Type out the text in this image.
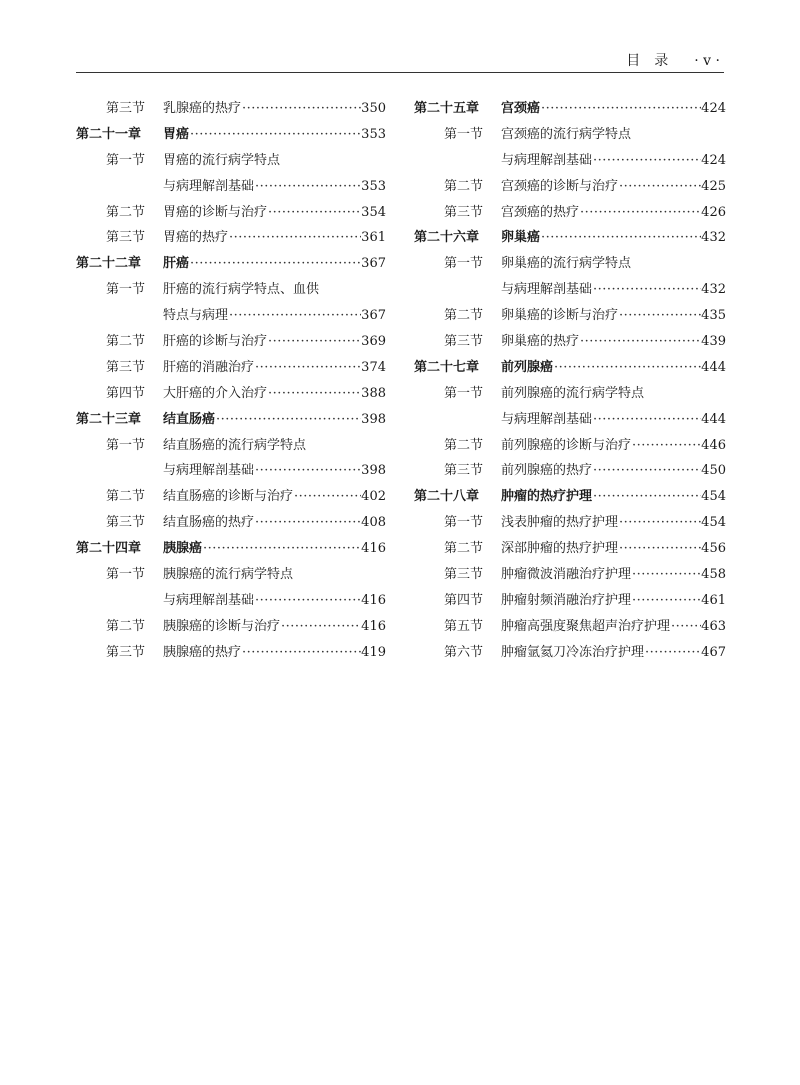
目　录 · v ·
第三节 乳腺癌的热疗 ·····	350
第二十一章 胃癌 ·····	353
第一节 胃癌的流行病学特点
与病理解剖基础 ·····	353
第二节 胃癌的诊断与治疗 ·····	354
第三节 胃癌的热疗 ·····	361
第二十二章 肝癌 ·····	367
第一节 肝癌的流行病学特点、血供
特点与病理 ·····	367
第二节 肝癌的诊断与治疗 ·····	369
第三节 肝癌的消融治疗 ·····	374
第四节 大肝癌的介入治疗 ·····	388
第二十三章 结直肠癌 ·····	398
第一节 结直肠癌的流行病学特点
与病理解剖基础 ·····	398
第二节 结直肠癌的诊断与治疗 ·····	402
第三节 结直肠癌的热疗 ·····	408
第二十四章 胰腺癌 ·····	416
第一节 胰腺癌的流行病学特点
与病理解剖基础 ·····	416
第二节 胰腺癌的诊断与治疗 ·····	416
第三节 胰腺癌的热疗 ·····	419
第二十五章 宫颈癌 ·····	424
第一节 宫颈癌的流行病学特点
与病理解剖基础 ·····	424
第二节 宫颈癌的诊断与治疗 ·····	425
第三节 宫颈癌的热疗 ·····	426
第二十六章 卵巢癌 ·····	432
第一节 卵巢癌的流行病学特点
与病理解剖基础 ·····	432
第二节 卵巢癌的诊断与治疗 ·····	435
第三节 卵巢癌的热疗 ·····	439
第二十七章 前列腺癌 ·····	444
第一节 前列腺癌的流行病学特点
与病理解剖基础 ·····	444
第二节 前列腺癌的诊断与治疗 ·····	446
第三节 前列腺癌的热疗 ·····	450
第二十八章 肿瘤的热疗护理 ·····	454
第一节 浅表肿瘤的热疗护理 ·····	454
第二节 深部肿瘤的热疗护理 ·····	456
第三节 肿瘤微波消融治疗护理 ·····	458
第四节 肿瘤射频消融治疗护理 ·····	461
第五节 肿瘤高强度聚焦超声治疗护理 ····· 463
第六节 肿瘤氩氦刀冷冻治疗护理 ·····	467
